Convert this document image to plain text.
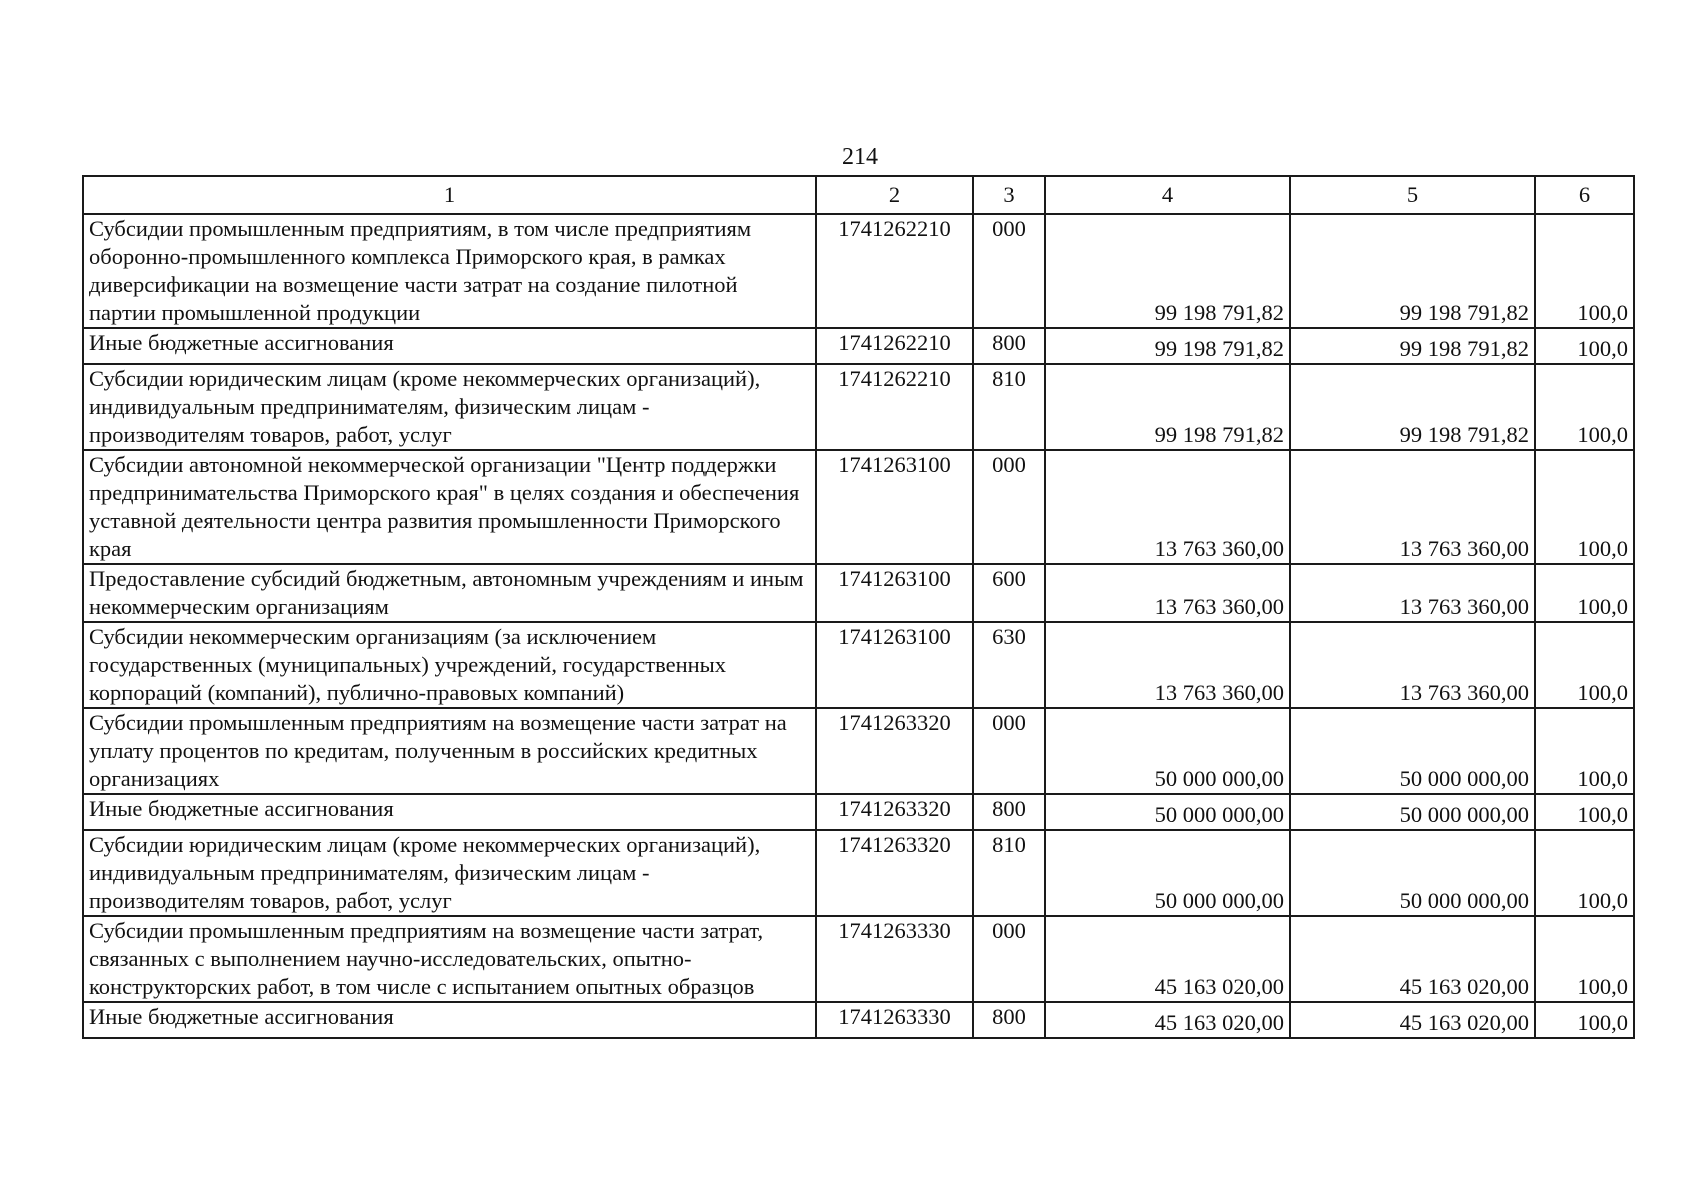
214
1	2	3	4	5	6
Субсидии промышленным предприятиям, в том числе предприятиям оборонно-промышленного комплекса Приморского края, в рамках диверсификации на возмещение части затрат на создание пилотной партии промышленной продукции	1741262210	000	99 198 791,82	99 198 791,82	100,0
Иные бюджетные ассигнования	1741262210	800	99 198 791,82	99 198 791,82	100,0
Субсидии юридическим лицам (кроме некоммерческих организаций), индивидуальным предпринимателям, физическим лицам - производителям товаров, работ, услуг	1741262210	810	99 198 791,82	99 198 791,82	100,0
Субсидии автономной некоммерческой организации "Центр поддержки предпринимательства Приморского края" в целях создания и обеспечения уставной деятельности центра развития промышленности Приморского края	1741263100	000	13 763 360,00	13 763 360,00	100,0
Предоставление субсидий бюджетным, автономным учреждениям и иным некоммерческим организациям	1741263100	600	13 763 360,00	13 763 360,00	100,0
Субсидии некоммерческим организациям (за исключением государственных (муниципальных) учреждений, государственных корпораций (компаний), публично-правовых компаний)	1741263100	630	13 763 360,00	13 763 360,00	100,0
Субсидии промышленным предприятиям на возмещение части затрат на уплату процентов по кредитам, полученным в российских кредитных организациях	1741263320	000	50 000 000,00	50 000 000,00	100,0
Иные бюджетные ассигнования	1741263320	800	50 000 000,00	50 000 000,00	100,0
Субсидии юридическим лицам (кроме некоммерческих организаций), индивидуальным предпринимателям, физическим лицам - производителям товаров, работ, услуг	1741263320	810	50 000 000,00	50 000 000,00	100,0
Субсидии промышленным предприятиям на возмещение части затрат, связанных с выполнением научно-исследовательских, опытно-конструкторских работ, в том числе с испытанием опытных образцов	1741263330	000	45 163 020,00	45 163 020,00	100,0
Иные бюджетные ассигнования	1741263330	800	45 163 020,00	45 163 020,00	100,0
